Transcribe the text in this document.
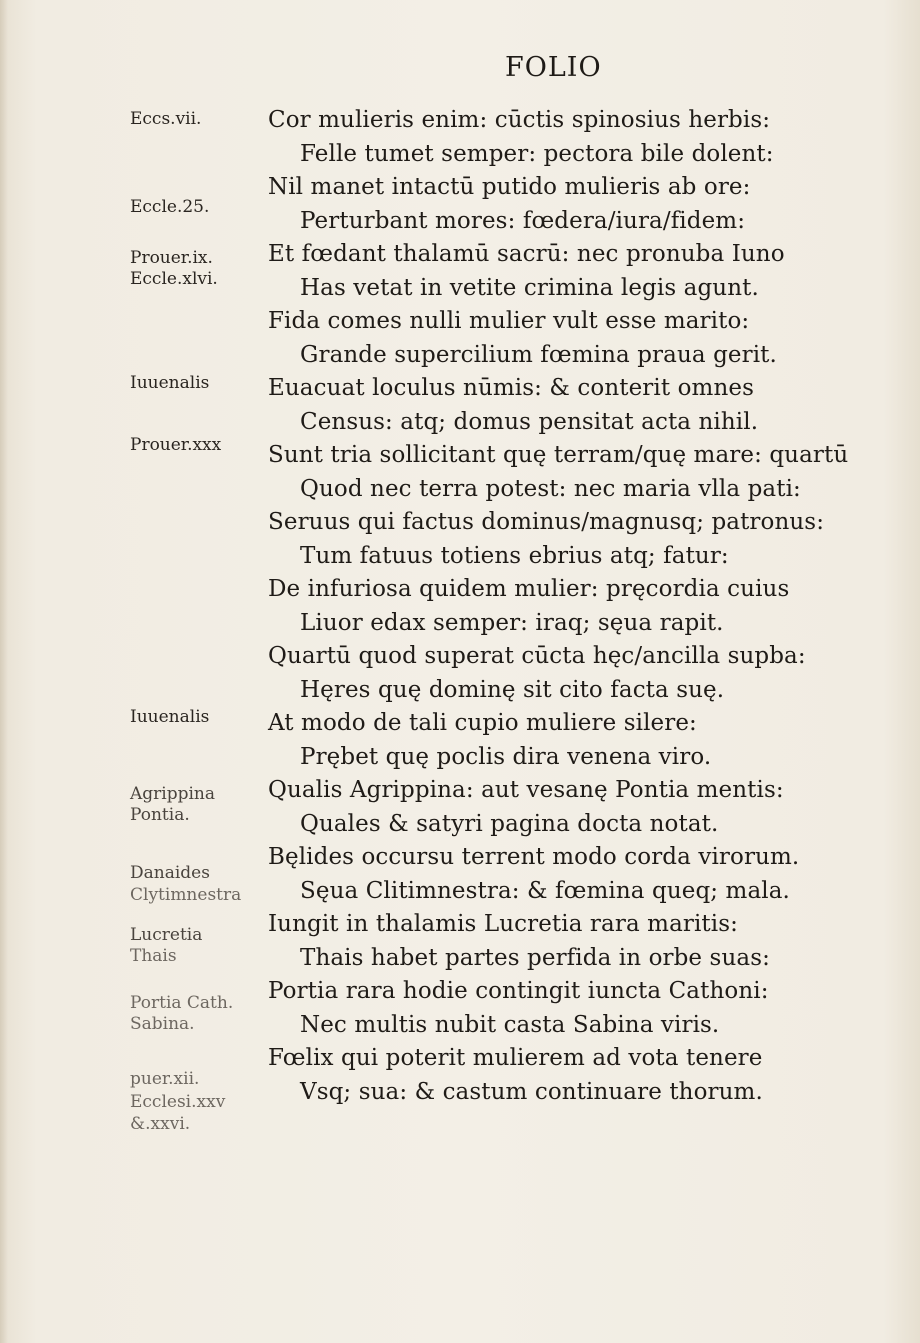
FOLIO
Eccs.vii.
Eccle.25.
Prouer.ix.
Eccle.xlvi.
Iuuenalis
Prouer.xxx
Iuuenalis
Agrippina
Pontia.
Danaides
Clytimnestra
Lucretia
Thais
Portia Cath.
Sabina.
puer.xii.
Ecclesi.xxv
&.xxvi.
Cor mulieris enim: cūctis spinosius herbis:
Felle tumet semper: pectora bile dolent:
Nil manet intactū putido mulieris ab ore:
Perturbant mores: fœdera/iura/fidem:
Et fœdant thalamū sacrū: nec pronuba Iuno
Has vetat in vetite crimina legis agunt.
Fida comes nulli mulier vult esse marito:
Grande supercilium fœmina praua gerit.
Euacuat loculus nūmis: & conterit omnes
Census: atq; domus pensitat acta nihil.
Sunt tria sollicitant quę terram/quę mare: quartū
Quod nec terra potest: nec maria vlla pati:
Seruus qui factus dominus/magnusq; patronus:
Tum fatuus totiens ebrius atq; fatur:
De infuriosa quidem mulier: pręcordia cuius
Liuor edax semper: iraq; sęua rapit.
Quartū quod superat cūcta hęc/ancilla supba:
Hęres quę dominę sit cito facta suę.
At modo de tali cupio muliere silere:
Prębet quę poclis dira venena viro.
Qualis Agrippina: aut vesanę Pontia mentis:
Quales & satyri pagina docta notat.
Bęlides occursu terrent modo corda virorum.
Sęua Clitimnestra: & fœmina queq; mala.
Iungit in thalamis Lucretia rara maritis:
Thais habet partes perfida in orbe suas:
Portia rara hodie contingit iuncta Cathoni:
Nec multis nubit casta Sabina viris.
Fœlix qui poterit mulierem ad vota tenere
Vsq; sua: & castum continuare thorum.
